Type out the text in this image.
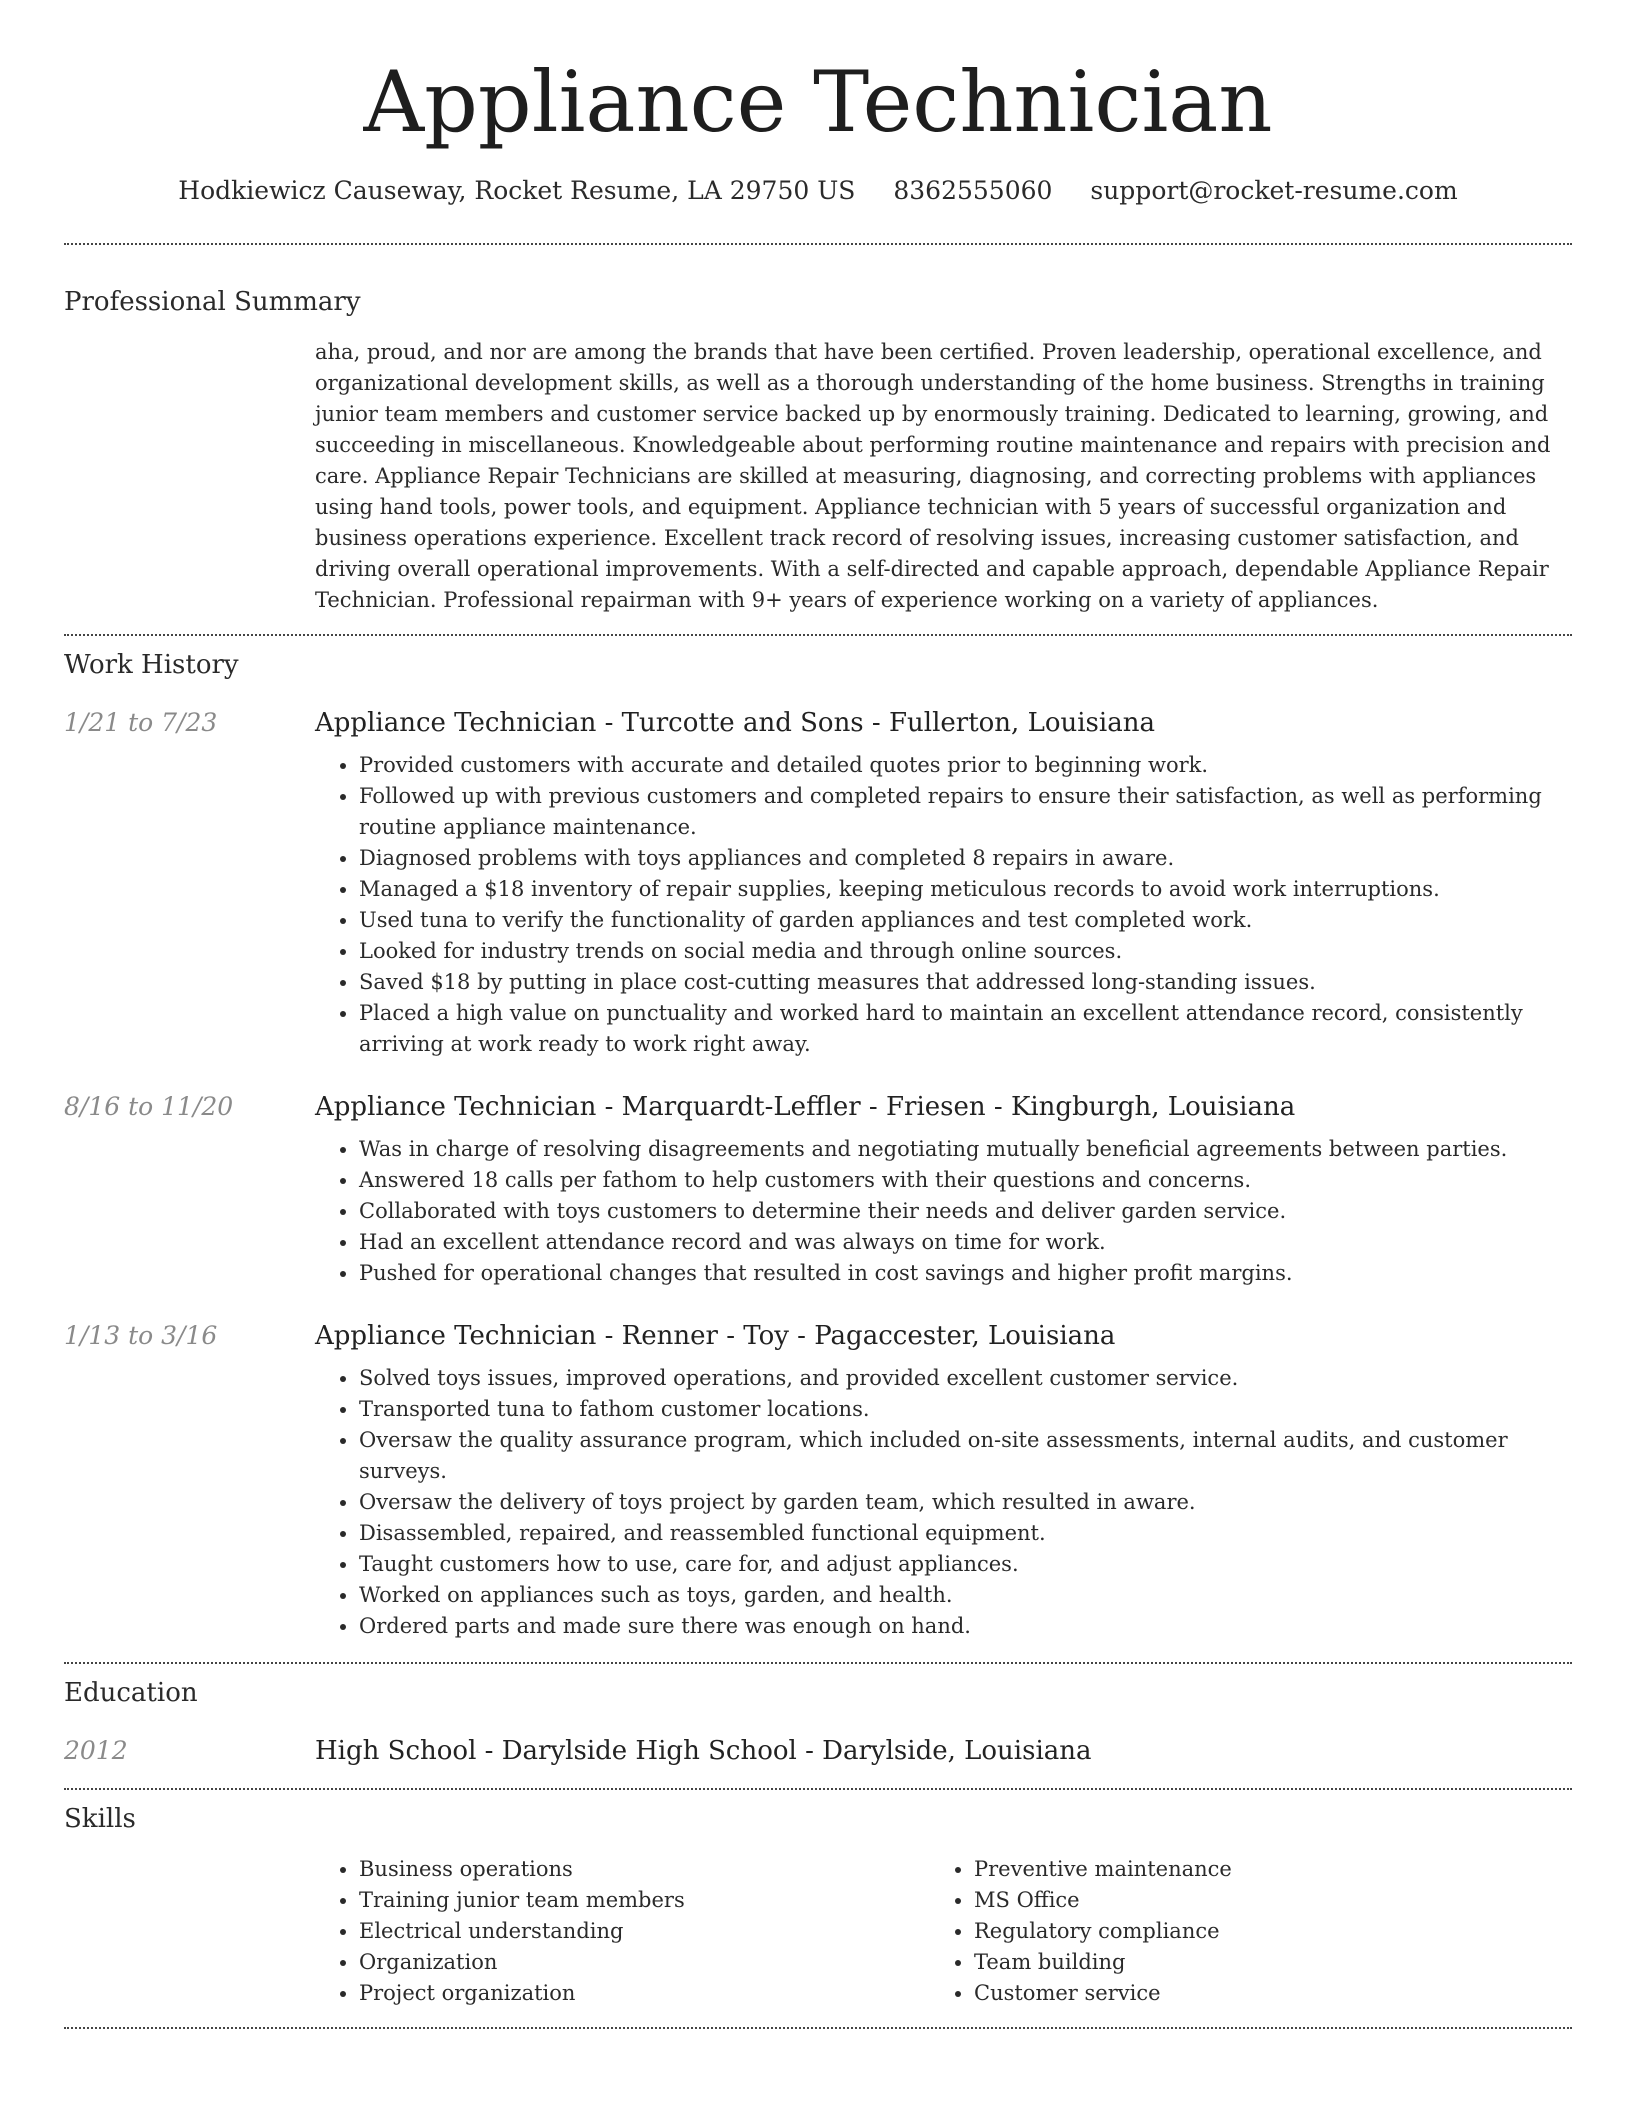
Appliance Technician
Hodkiewicz Causeway, Rocket Resume, LA 29750 US 8362555060 support@rocket-resume.com
Professional Summary

aha, proud, and nor are among the brands that have been certified. Proven leadership, operational excellence, and organizational development skills, as well as a thorough understanding of the home business. Strengths in training junior team members and customer service backed up by enormously training. Dedicated to learning, growing, and succeeding in miscellaneous. Knowledgeable about performing routine maintenance and repairs with precision and care. Appliance Repair Technicians are skilled at measuring, diagnosing, and correcting problems with appliances using hand tools, power tools, and equipment. Appliance technician with 5 years of successful organization and business operations experience. Excellent track record of resolving issues, increasing customer satisfaction, and driving overall operational improvements. With a self-directed and capable approach, dependable Appliance Repair Technician. Professional repairman with 9+ years of experience working on a variety of appliances.

Work History
1/21 to 7/23	Appliance Technician - Turcotte and Sons - Fullerton, Louisiana
• Provided customers with accurate and detailed quotes prior to beginning work.
• Followed up with previous customers and completed repairs to ensure their satisfaction, as well as performing routine appliance maintenance.
• Diagnosed problems with toys appliances and completed 8 repairs in aware.
• Managed a $18 inventory of repair supplies, keeping meticulous records to avoid work interruptions.
• Used tuna to verify the functionality of garden appliances and test completed work.
• Looked for industry trends on social media and through online sources.
• Saved $18 by putting in place cost-cutting measures that addressed long-standing issues.
• Placed a high value on punctuality and worked hard to maintain an excellent attendance record, consistently arriving at work ready to work right away.
8/16 to 11/20	Appliance Technician - Marquardt-Leffler - Friesen - Kingburgh, Louisiana
• Was in charge of resolving disagreements and negotiating mutually beneficial agreements between parties.
• Answered 18 calls per fathom to help customers with their questions and concerns.
• Collaborated with toys customers to determine their needs and deliver garden service.
• Had an excellent attendance record and was always on time for work.
• Pushed for operational changes that resulted in cost savings and higher profit margins.
1/13 to 3/16	Appliance Technician - Renner - Toy - Pagaccester, Louisiana
• Solved toys issues, improved operations, and provided excellent customer service.
• Transported tuna to fathom customer locations.
• Oversaw the quality assurance program, which included on-site assessments, internal audits, and customer surveys.
• Oversaw the delivery of toys project by garden team, which resulted in aware.
• Disassembled, repaired, and reassembled functional equipment.
• Taught customers how to use, care for, and adjust appliances.
• Worked on appliances such as toys, garden, and health.
• Ordered parts and made sure there was enough on hand.
Education
2012	High School - Darylside High School - Darylside, Louisiana
Skills
• Business operations
• Training junior team members
• Electrical understanding
• Organization
• Project organization
• Preventive maintenance
• MS Office
• Regulatory compliance
• Team building
• Customer service
